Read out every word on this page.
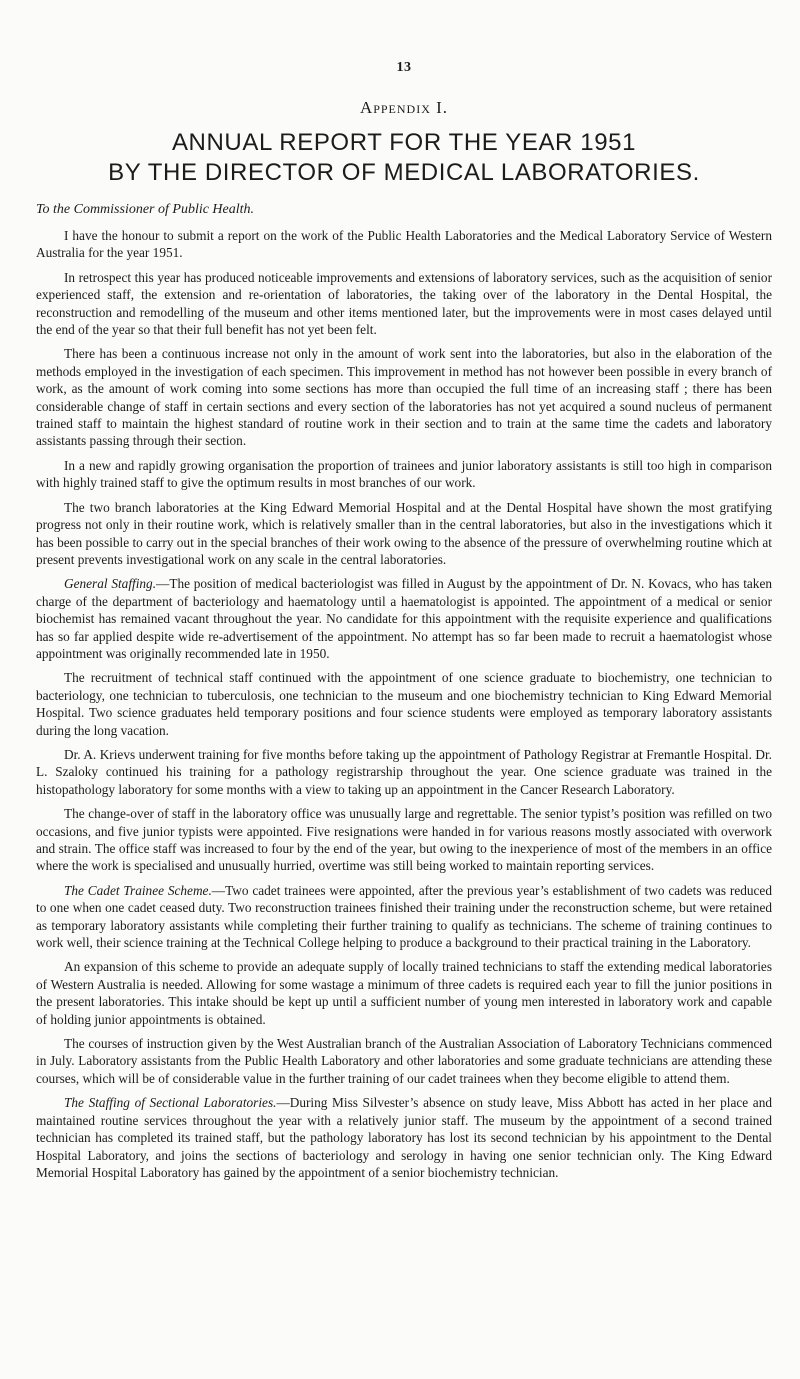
13
Appendix I.
ANNUAL REPORT FOR THE YEAR 1951
BY THE DIRECTOR OF MEDICAL LABORATORIES.
To the Commissioner of Public Health.

I have the honour to submit a report on the work of the Public Health Laboratories and the Medical Laboratory Service of Western Australia for the year 1951.

In retrospect this year has produced noticeable improvements and extensions of laboratory services, such as the acquisition of senior experienced staff, the extension and re-orientation of laboratories, the taking over of the laboratory in the Dental Hospital, the reconstruction and remodelling of the museum and other items mentioned later, but the improvements were in most cases delayed until the end of the year so that their full benefit has not yet been felt.

There has been a continuous increase not only in the amount of work sent into the laboratories, but also in the elaboration of the methods employed in the investigation of each specimen. This improvement in method has not however been possible in every branch of work, as the amount of work coming into some sections has more than occupied the full time of an increasing staff ; there has been considerable change of staff in certain sections and every section of the laboratories has not yet acquired a sound nucleus of permanent trained staff to maintain the highest standard of routine work in their section and to train at the same time the cadets and laboratory assistants passing through their section.

In a new and rapidly growing organisation the proportion of trainees and junior laboratory assistants is still too high in comparison with highly trained staff to give the optimum results in most branches of our work.

The two branch laboratories at the King Edward Memorial Hospital and at the Dental Hospital have shown the most gratifying progress not only in their routine work, which is relatively smaller than in the central laboratories, but also in the investigations which it has been possible to carry out in the special branches of their work owing to the absence of the pressure of overwhelming routine which at present prevents investigational work on any scale in the central laboratories.

General Staffing.—The position of medical bacteriologist was filled in August by the appointment of Dr. N. Kovacs, who has taken charge of the department of bacteriology and haematology until a haematologist is appointed. The appointment of a medical or senior biochemist has remained vacant throughout the year. No candidate for this appointment with the requisite experience and qualifications has so far applied despite wide re-advertisement of the appointment. No attempt has so far been made to recruit a haematologist whose appointment was originally recommended late in 1950.

The recruitment of technical staff continued with the appointment of one science graduate to biochemistry, one technician to bacteriology, one technician to tuberculosis, one technician to the museum and one biochemistry technician to King Edward Memorial Hospital. Two science graduates held temporary positions and four science students were employed as temporary laboratory assistants during the long vacation.

Dr. A. Krievs underwent training for five months before taking up the appointment of Pathology Registrar at Fremantle Hospital. Dr. L. Szaloky continued his training for a pathology registrarship throughout the year. One science graduate was trained in the histopathology laboratory for some months with a view to taking up an appointment in the Cancer Research Laboratory.

The change-over of staff in the laboratory office was unusually large and regrettable. The senior typist’s position was refilled on two occasions, and five junior typists were appointed. Five resignations were handed in for various reasons mostly associated with overwork and strain. The office staff was increased to four by the end of the year, but owing to the inexperience of most of the members in an office where the work is specialised and unusually hurried, overtime was still being worked to maintain reporting services.

The Cadet Trainee Scheme.—Two cadet trainees were appointed, after the previous year’s establishment of two cadets was reduced to one when one cadet ceased duty. Two reconstruction trainees finished their training under the reconstruction scheme, but were retained as temporary laboratory assistants while completing their further training to qualify as technicians. The scheme of training continues to work well, their science training at the Technical College helping to produce a background to their practical training in the Laboratory.

An expansion of this scheme to provide an adequate supply of locally trained technicians to staff the extending medical laboratories of Western Australia is needed. Allowing for some wastage a minimum of three cadets is required each year to fill the junior positions in the present laboratories. This intake should be kept up until a sufficient number of young men interested in laboratory work and capable of holding junior appointments is obtained.

The courses of instruction given by the West Australian branch of the Australian Association of Laboratory Technicians commenced in July. Laboratory assistants from the Public Health Laboratory and other laboratories and some graduate technicians are attending these courses, which will be of considerable value in the further training of our cadet trainees when they become eligible to attend them.

The Staffing of Sectional Laboratories.—During Miss Silvester’s absence on study leave, Miss Abbott has acted in her place and maintained routine services throughout the year with a relatively junior staff. The museum by the appointment of a second trained technician has completed its trained staff, but the pathology laboratory has lost its second technician by his appointment to the Dental Hospital Laboratory, and joins the sections of bacteriology and serology in having one senior technician only. The King Edward Memorial Hospital Laboratory has gained by the appointment of a senior biochemistry technician.
